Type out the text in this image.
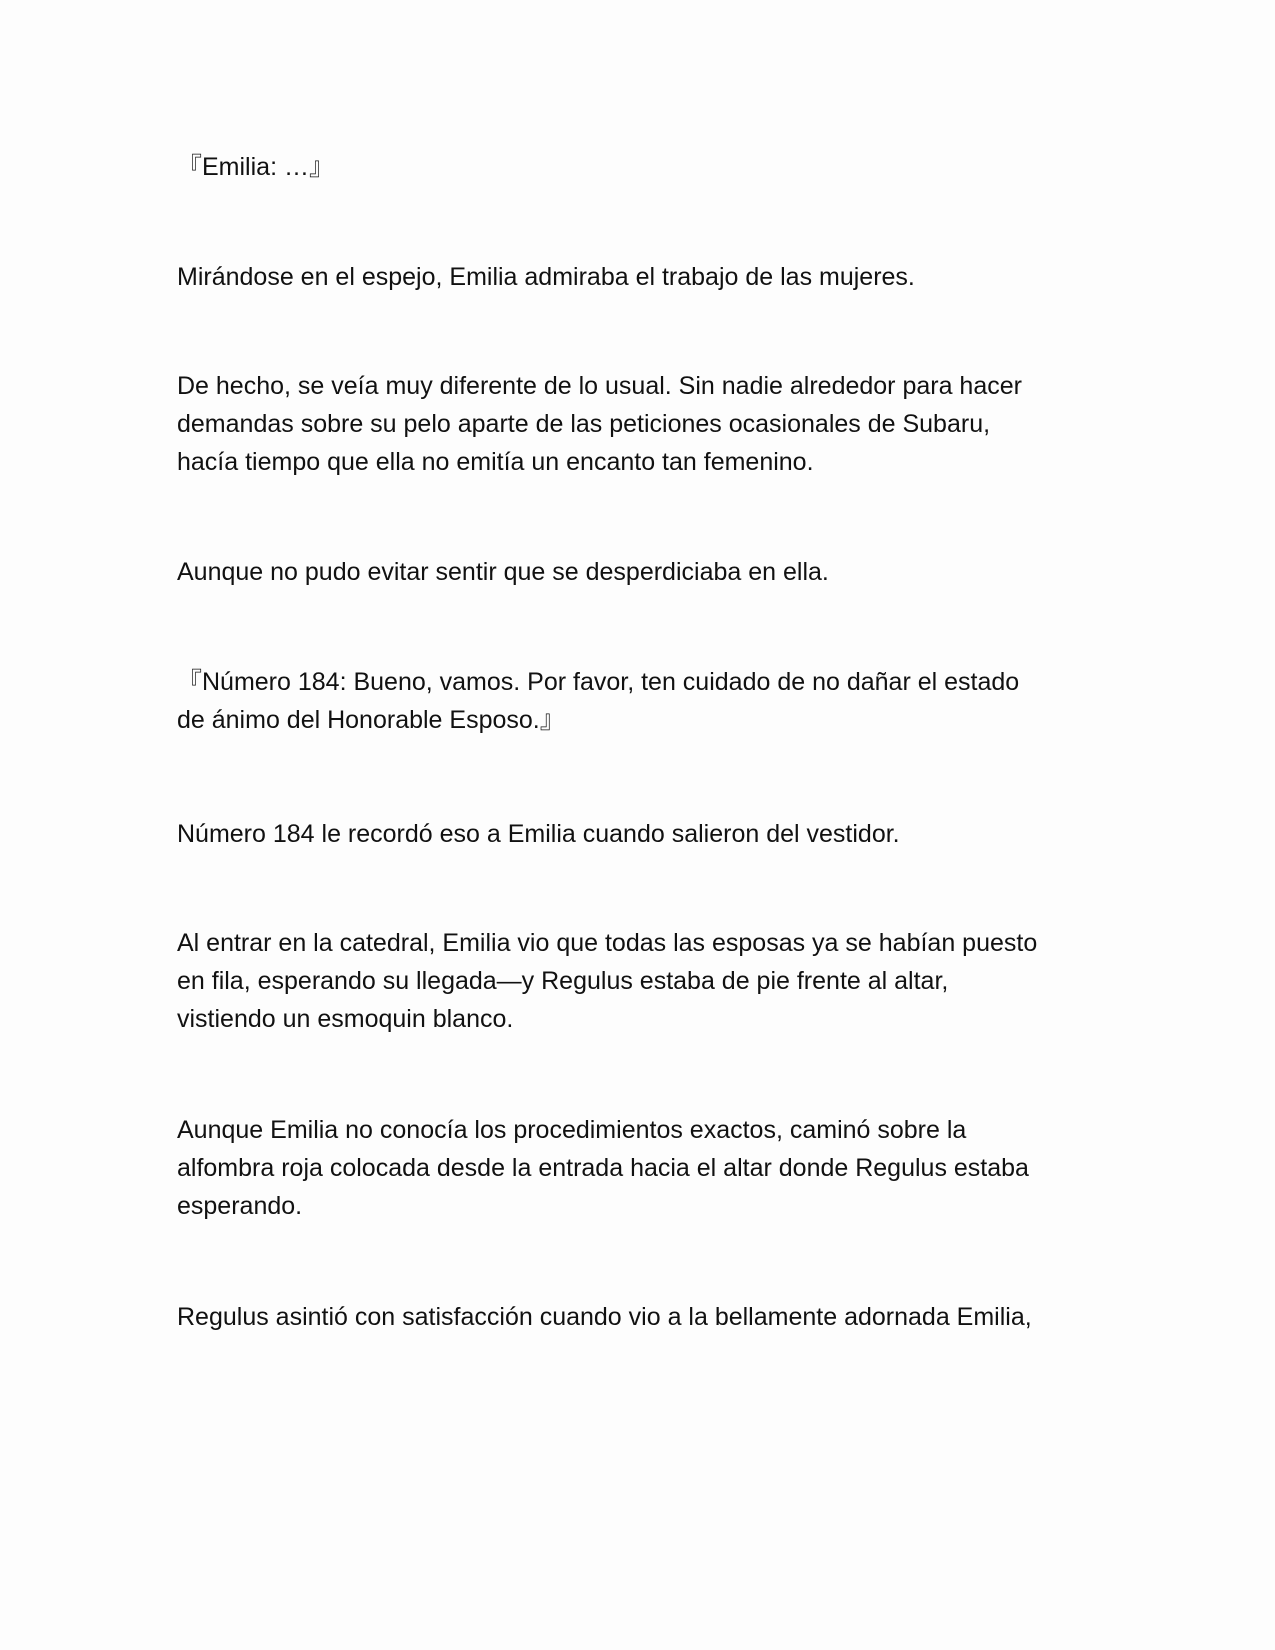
『Emilia: …』

Mirándose en el espejo, Emilia admiraba el trabajo de las mujeres.

De hecho, se veía muy diferente de lo usual. Sin nadie alrededor para hacer
demandas sobre su pelo aparte de las peticiones ocasionales de Subaru,
hacía tiempo que ella no emitía un encanto tan femenino.

Aunque no pudo evitar sentir que se desperdiciaba en ella.

『Número 184: Bueno, vamos. Por favor, ten cuidado de no dañar el estado
de ánimo del Honorable Esposo.』

Número 184 le recordó eso a Emilia cuando salieron del vestidor.

Al entrar en la catedral, Emilia vio que todas las esposas ya se habían puesto
en fila, esperando su llegada—y Regulus estaba de pie frente al altar,
vistiendo un esmoquin blanco.

Aunque Emilia no conocía los procedimientos exactos, caminó sobre la
alfombra roja colocada desde la entrada hacia el altar donde Regulus estaba
esperando.

Regulus asintió con satisfacción cuando vio a la bellamente adornada Emilia,
